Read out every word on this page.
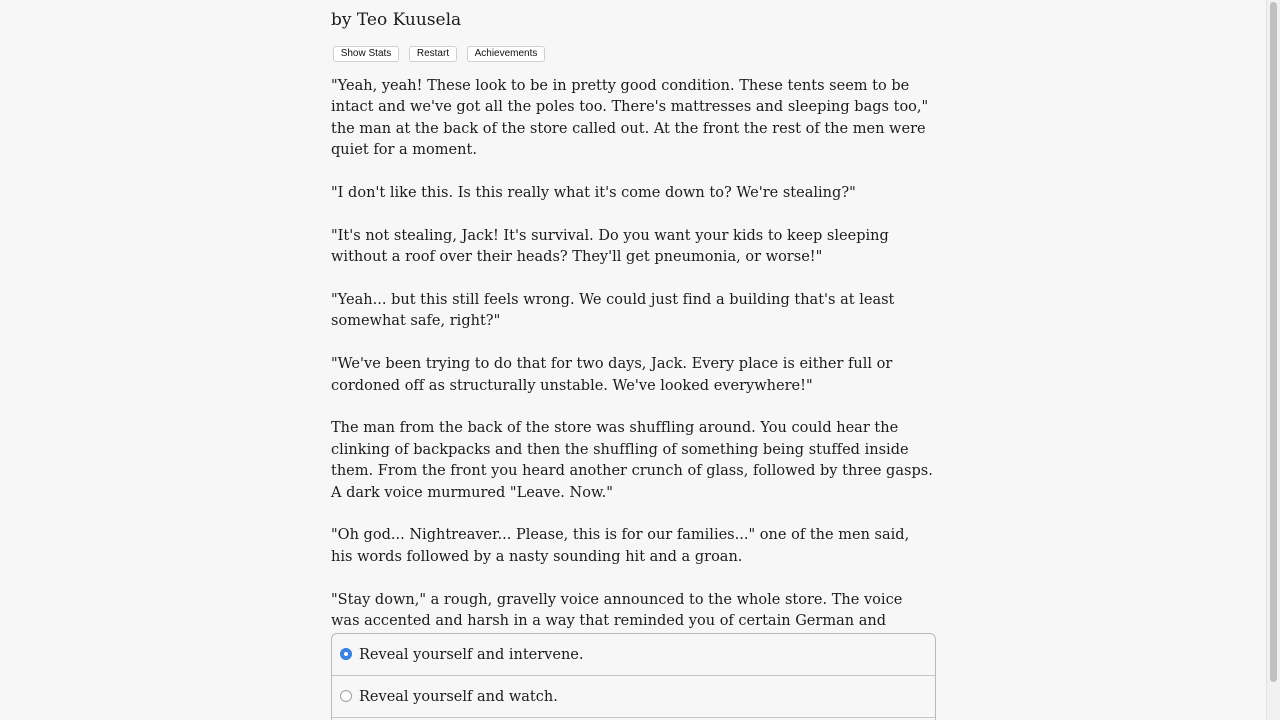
by Teo Kuusela
Show Stats	Restart	Achievements

"Yeah, yeah! These look to be in pretty good condition. These tents seem to be intact and we've got all the poles too. There's mattresses and sleeping bags too," the man at the back of the store called out. At the front the rest of the men were quiet for a moment.

"I don't like this. Is this really what it's come down to? We're stealing?"

"It's not stealing, Jack! It's survival. Do you want your kids to keep sleeping without a roof over their heads? They'll get pneumonia, or worse!"

"Yeah... but this still feels wrong. We could just find a building that's at least somewhat safe, right?"

"We've been trying to do that for two days, Jack. Every place is either full or cordoned off as structurally unstable. We've looked everywhere!"

The man from the back of the store was shuffling around. You could hear the clinking of backpacks and then the shuffling of something being stuffed inside them. From the front you heard another crunch of glass, followed by three gasps. A dark voice murmured "Leave. Now."

"Oh god... Nightreaver... Please, this is for our families..." one of the men said, his words followed by a nasty sounding hit and a groan.

"Stay down," a rough, gravelly voice announced to the whole store. The voice was accented and harsh in a way that reminded you of certain German and

Reveal yourself and intervene.
Reveal yourself and watch.
